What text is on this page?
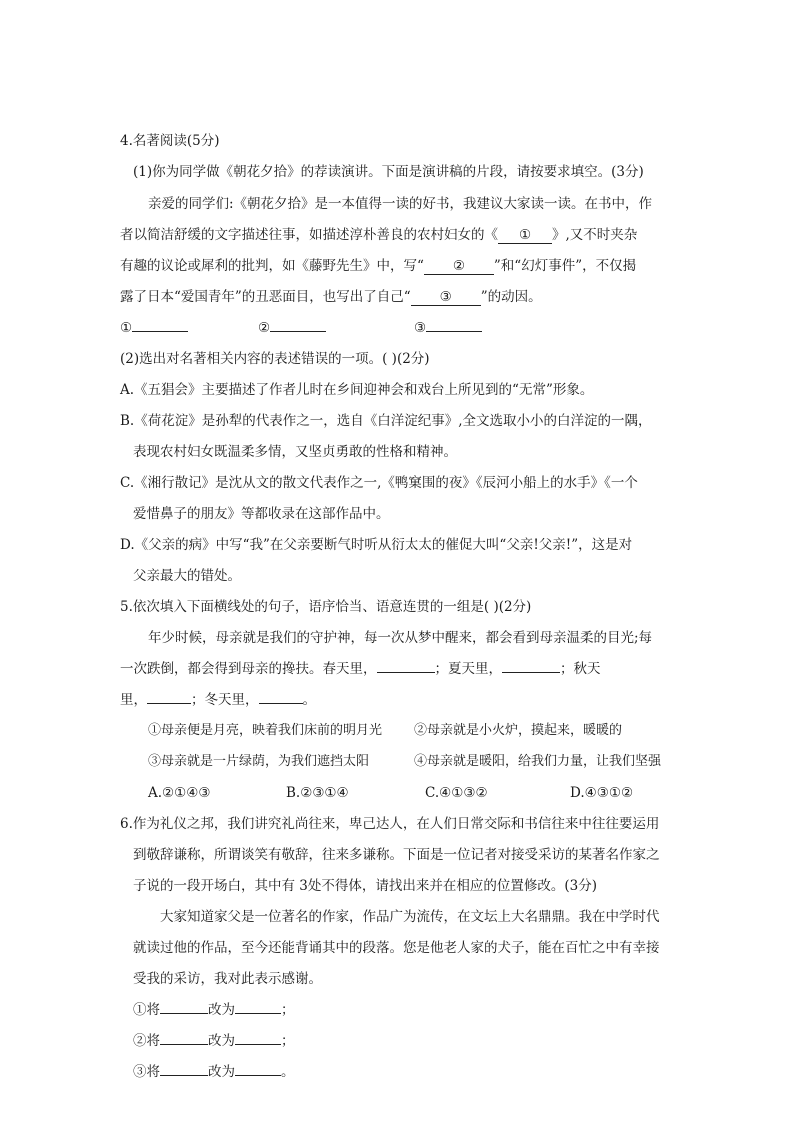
4.名著阅读(5分)
(1)你为同学做《朝花夕拾》的荐读演讲。下面是演讲稿的片段，请按要求填空。(3分)
亲爱的同学们:《朝花夕拾》是一本值得一读的好书，我建议大家读一读。在书中，作
者以简洁舒缓的文字描述往事，如描述淳朴善良的农村妇女的《 ① 》,又不时夹杂
有趣的议论或犀利的批判，如《藤野先生》中，写“ ② ”和“幻灯事件”，不仅揭
露了日本“爱国青年”的丑恶面目，也写出了自己“ ③ ”的动因。
①	②	③
(2)选出对名著相关内容的表述错误的一项。( )(2分)
A.《五猖会》主要描述了作者儿时在乡间迎神会和戏台上所见到的“无常”形象。
B.《荷花淀》是孙犁的代表作之一，选自《白洋淀纪事》,全文选取小小的白洋淀的一隅，
表现农村妇女既温柔多情，又坚贞勇敢的性格和精神。
C.《湘行散记》是沈从文的散文代表作之一,《鸭窠围的夜》《辰河小船上的水手》《一个
爱惜鼻子的朋友》等都收录在这部作品中。
D.《父亲的病》中写“我”在父亲要断气时听从衍太太的催促大叫“父亲!父亲!”，这是对
父亲最大的错处。
5.依次填入下面横线处的句子，语序恰当、语意连贯的一组是( )(2分)
年少时候，母亲就是我们的守护神，每一次从梦中醒来，都会看到母亲温柔的目光;每
一次跌倒，都会得到母亲的搀扶。春天里，	；夏天里，	；秋天
里，	；冬天里，	。
①母亲便是月亮，映着我们床前的明月光 ②母亲就是小火炉，摸起来，暖暖的
③母亲就是一片绿荫，为我们遮挡太阳	④母亲就是暖阳，给我们力量，让我们坚强
A.②①④③	B.②③①④	C.④①③②	D.④③①②
6.作为礼仪之邦，我们讲究礼尚往来，卑己达人，在人们日常交际和书信往来中往往要运用
到敬辞谦称，所谓谈笑有敬辞，往来多谦称。下面是一位记者对接受采访的某著名作家之
子说的一段开场白，其中有 3处不得体，请找出来并在相应的位置修改。(3分)
大家知道家父是一位著名的作家，作品广为流传，在文坛上大名鼎鼎。我在中学时代
就读过他的作品，至今还能背诵其中的段落。您是他老人家的犬子，能在百忙之中有幸接
受我的采访，我对此表示感谢。
①将	改为	；
②将	改为	；
③将	改为	。
